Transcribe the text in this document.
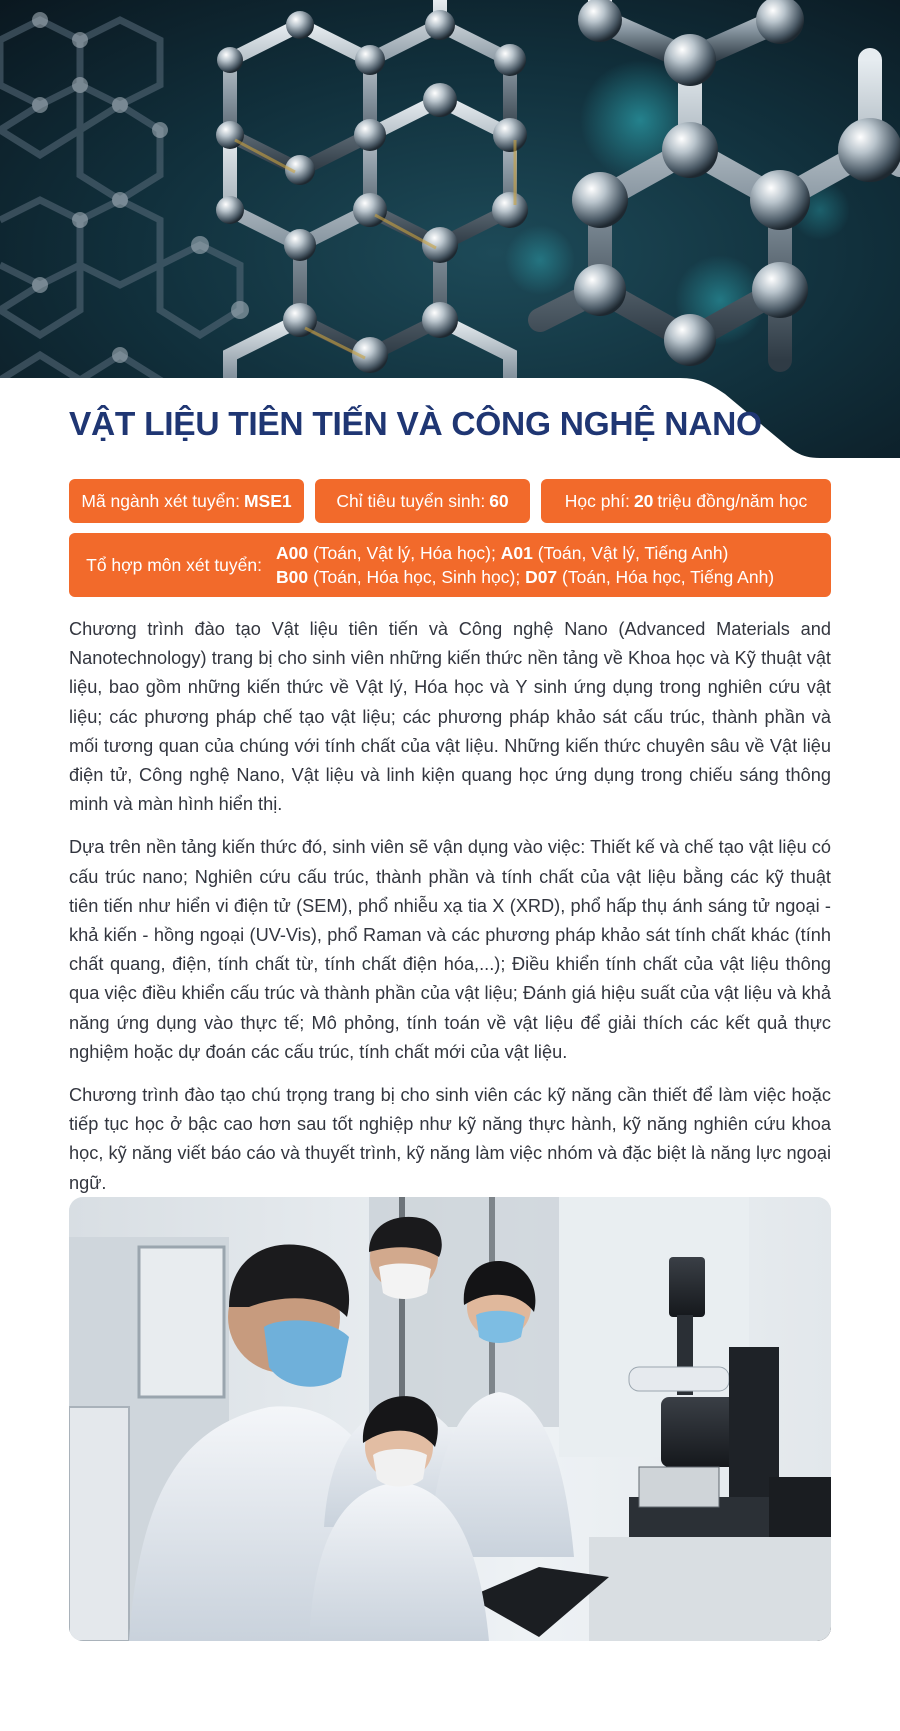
VẬT LIỆU TIÊN TIẾN VÀ CÔNG NGHỆ NANO
Mã ngành xét tuyển: MSE1	Chỉ tiêu tuyển sinh: 60	Học phí: 20 triệu đồng/năm học
Tổ hợp môn xét tuyển:
A00 (Toán, Vật lý, Hóa học); A01 (Toán, Vật lý, Tiếng Anh)
B00 (Toán, Hóa học, Sinh học); D07 (Toán, Hóa học, Tiếng Anh)

Chương trình đào tạo Vật liệu tiên tiến và Công nghệ Nano (Advanced Materials and Nanotechnology) trang bị cho sinh viên những kiến thức nền tảng về Khoa học và Kỹ thuật vật liệu, bao gồm những kiến thức về Vật lý, Hóa học và Y sinh ứng dụng trong nghiên cứu vật liệu; các phương pháp chế tạo vật liệu; các phương pháp khảo sát cấu trúc, thành phần và mối tương quan của chúng với tính chất của vật liệu. Những kiến thức chuyên sâu về Vật liệu điện tử, Công nghệ Nano, Vật liệu và linh kiện quang học ứng dụng trong chiếu sáng thông minh và màn hình hiển thị.

Dựa trên nền tảng kiến thức đó, sinh viên sẽ vận dụng vào việc: Thiết kế và chế tạo vật liệu có cấu trúc nano; Nghiên cứu cấu trúc, thành phần và tính chất của vật liệu bằng các kỹ thuật tiên tiến như hiển vi điện tử (SEM), phổ nhiễu xạ tia X (XRD), phổ hấp thụ ánh sáng tử ngoại - khả kiến - hồng ngoại (UV-Vis), phổ Raman và các phương pháp khảo sát tính chất khác (tính chất quang, điện, tính chất từ, tính chất điện hóa,...); Điều khiển tính chất của vật liệu thông qua việc điều khiển cấu trúc và thành phần của vật liệu; Đánh giá hiệu suất của vật liệu và khả năng ứng dụng vào thực tế; Mô phỏng, tính toán về vật liệu để giải thích các kết quả thực nghiệm hoặc dự đoán các cấu trúc, tính chất mới của vật liệu.

Chương trình đào tạo chú trọng trang bị cho sinh viên các kỹ năng cần thiết để làm việc hoặc tiếp tục học ở bậc cao hơn sau tốt nghiệp như kỹ năng thực hành, kỹ năng nghiên cứu khoa học, kỹ năng viết báo cáo và thuyết trình, kỹ năng làm việc nhóm và đặc biệt là năng lực ngoại ngữ.
